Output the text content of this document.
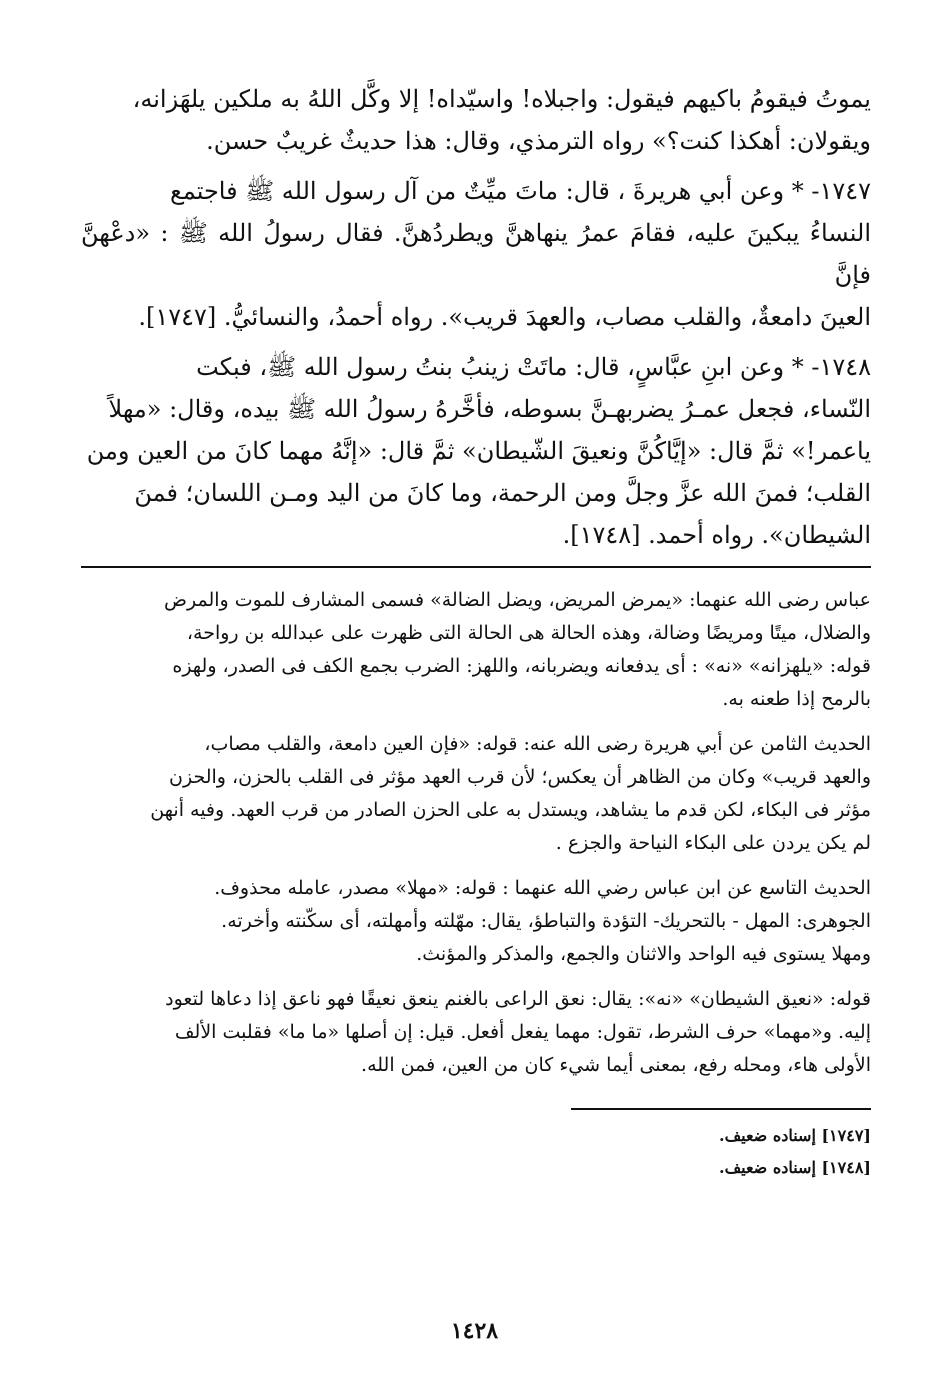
يموتُ فيقومُ باكيهم فيقول: واجبلاه! واسيّداه! إلا وكَّل اللهُ به ملكين يلهَزانه،
ويقولان: أهكذا كنت؟» رواه الترمذي، وقال: هذا حديثٌ غريبٌ حسن.

١٧٤٧- * وعن أبي هريرةَ ، قال: ماتَ ميِّتٌ من آل رسول الله ﷺ فاجتمع
النساءُ يبكينَ عليه، فقامَ عمرُ ينهاهنَّ ويطردُهنَّ. فقال رسولُ الله ﷺ : «دعْهنَّ فإنَّ
العينَ دامعةٌ، والقلب مصاب، والعهدَ قريب». رواه أحمدُ، والنسائيُّ. [١٧٤٧].

١٧٤٨- * وعن ابنِ عبَّاسٍ، قال: ماتَتْ زينبُ بنتُ رسول الله ﷺ، فبكت
النّساء، فجعل عمـرُ يضربهـنَّ بسوطه، فأخَّرهُ رسولُ الله ﷺ بيده، وقال: «مهلاً
ياعمر!» ثمَّ قال: «إيَّاكُنَّ ونعيقَ الشّيطان» ثمَّ قال: «إنَّهُ مهما كانَ من العين ومن
القلب؛ فمنَ الله عزَّ وجلَّ ومن الرحمة، وما كانَ من اليد ومـن اللسان؛ فمنَ
الشيطان». رواه أحمد. [١٧٤٨].

عباس رضى الله عنهما: «يمرض المريض، ويضل الضالة» فسمى المشارف للموت والمرض
والضلال، ميتًا ومريضًا وضالة، وهذه الحالة هى الحالة التى ظهرت على عبدالله بن رواحة،
قوله: «يلهزانه» «نه» : أى يدفعانه ويضربانه، واللهز: الضرب بجمع الكف فى الصدر، ولهزه
بالرمح إذا طعنه به.

الحديث الثامن عن أبي هريرة رضى الله عنه: قوله: «فإن العين دامعة، والقلب مصاب،
والعهد قريب» وكان من الظاهر أن يعكس؛ لأن قرب العهد مؤثر فى القلب بالحزن، والحزن
مؤثر فى البكاء، لكن قدم ما يشاهد، ويستدل به على الحزن الصادر من قرب العهد. وفيه أنهن
لم يكن يردن على البكاء النياحة والجزع .

الحديث التاسع عن ابن عباس رضي الله عنهما : قوله: «مهلا» مصدر، عامله محذوف.
الجوهرى: المهل - بالتحريك- التؤدة والتباطؤ، يقال: مهّلته وأمهلته، أى سكّنته وأخرته.
ومهلا يستوى فيه الواحد والاثنان والجمع، والمذكر والمؤنث.

قوله: «نعيق الشيطان» «نه»: يقال: نعق الراعى بالغنم ينعق نعيقًا فهو ناعق إذا دعاها لتعود
إليه. و«مهما» حرف الشرط، تقول: مهما يفعل أفعل. قيل: إن أصلها «ما ما» فقلبت الألف
الأولى هاء، ومحله رفع، بمعنى أيما شيء كان من العين، فمن الله.

[١٧٤٧] إسناده ضعيف.

[١٧٤٨] إسناده ضعيف.

١٤٢٨
